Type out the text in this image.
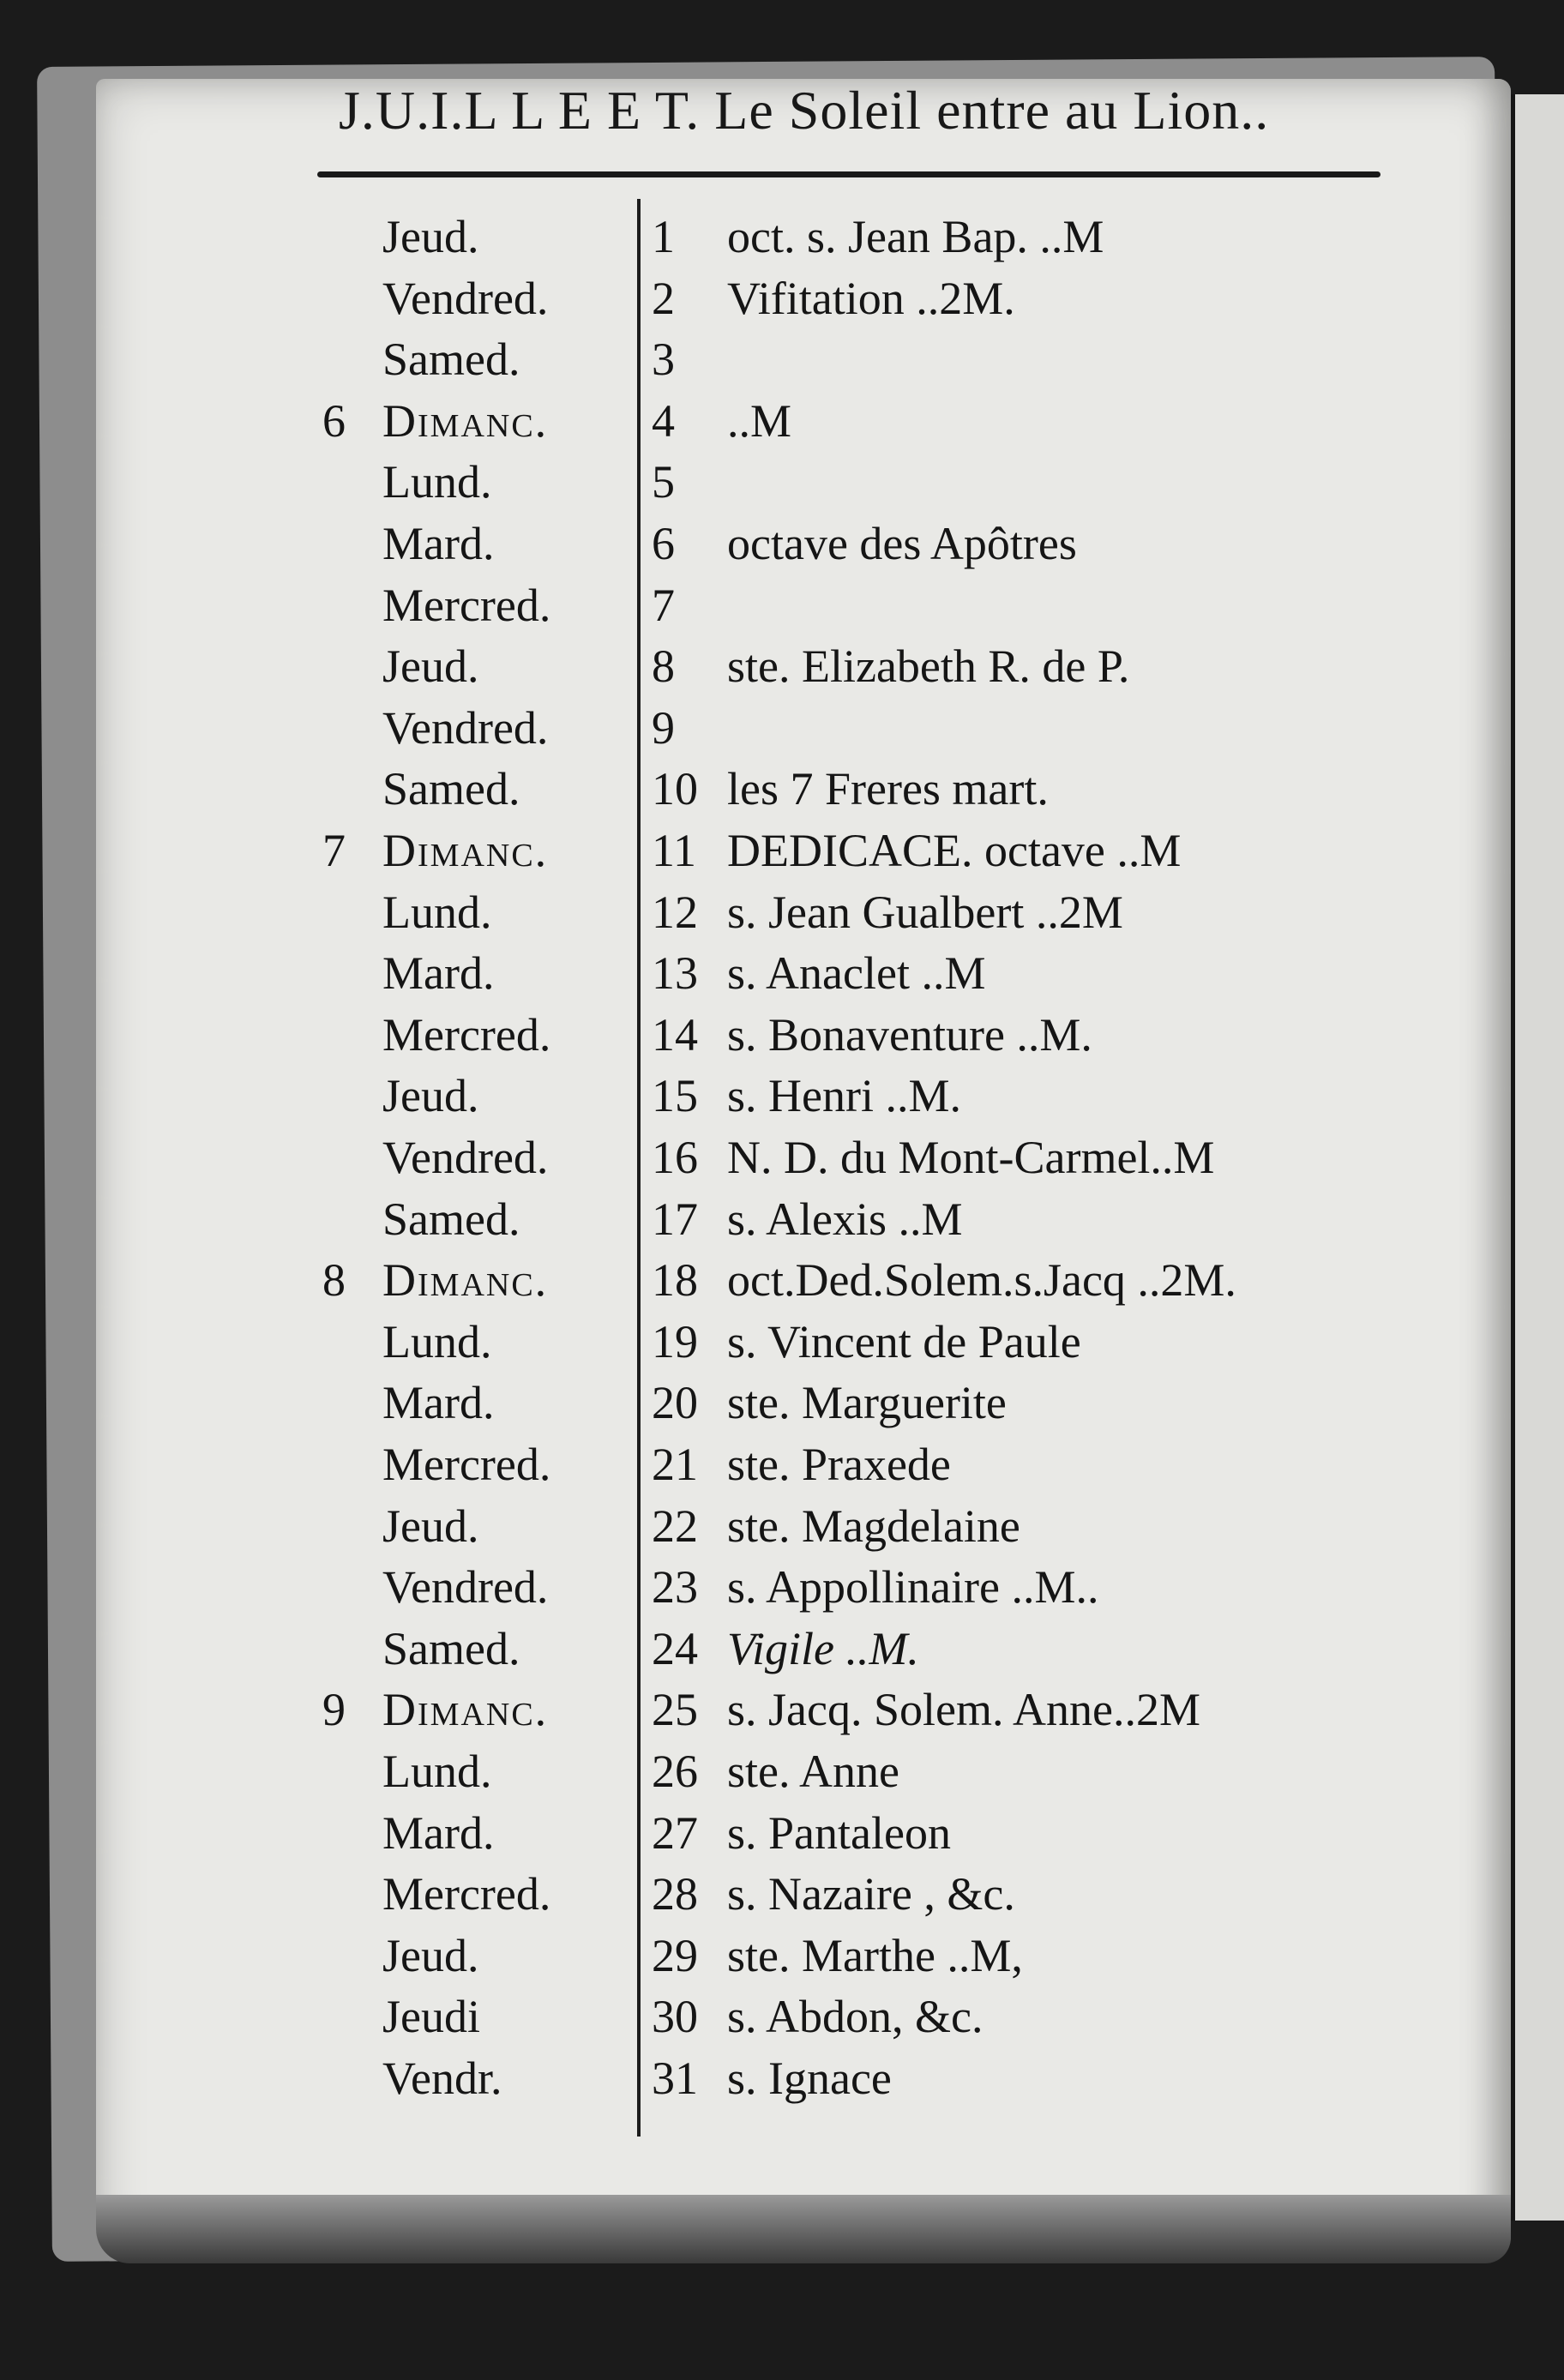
J.U.I.L L E E T. Le Soleil entre au Lion..
Jeud.	1	oct. s. Jean Bap. ..M
Vendred. 2	Vifitation ..2M.
Samed.	3
6 Dimanc. 4	..M
Lund.	5
Mard.	6	octave des Apôtres
Mercred. 7
Jeud.	8	ste. Elizabeth R. de P.
Vendred. 9
Samed.	10 les 7 Freres mart.
7 Dimanc. 11 DEDICACE. octave ..M
Lund.	12 s. Jean Gualbert ..2M
Mard.	13 s. Anaclet ..M
Mercred. 14 s. Bonaventure ..M.
Jeud.	15 s. Henri ..M.
Vendred. 16 N. D. du Mont-Carmel..M
Samed.	17 s. Alexis ..M
8 Dimanc. 18 oct.Ded.Solem.s.Jacq ..2M.
Lund.	19 s. Vincent de Paule
Mard.	20 ste. Marguerite
Mercred. 21 ste. Praxede
Jeud.	22 ste. Magdelaine
Vendred. 23 s. Appollinaire ..M..
Samed.	24 Vigile ..M.
9 Dimanc. 25 s. Jacq. Solem. Anne..2M
Lund.	26 ste. Anne
Mard.	27 s. Pantaleon
Mercred. 28 s. Nazaire , &c.
Jeud.	29 ste. Marthe ..M,
Jeudi	30 s. Abdon, &c.
Vendr.	31 s. Ignace
